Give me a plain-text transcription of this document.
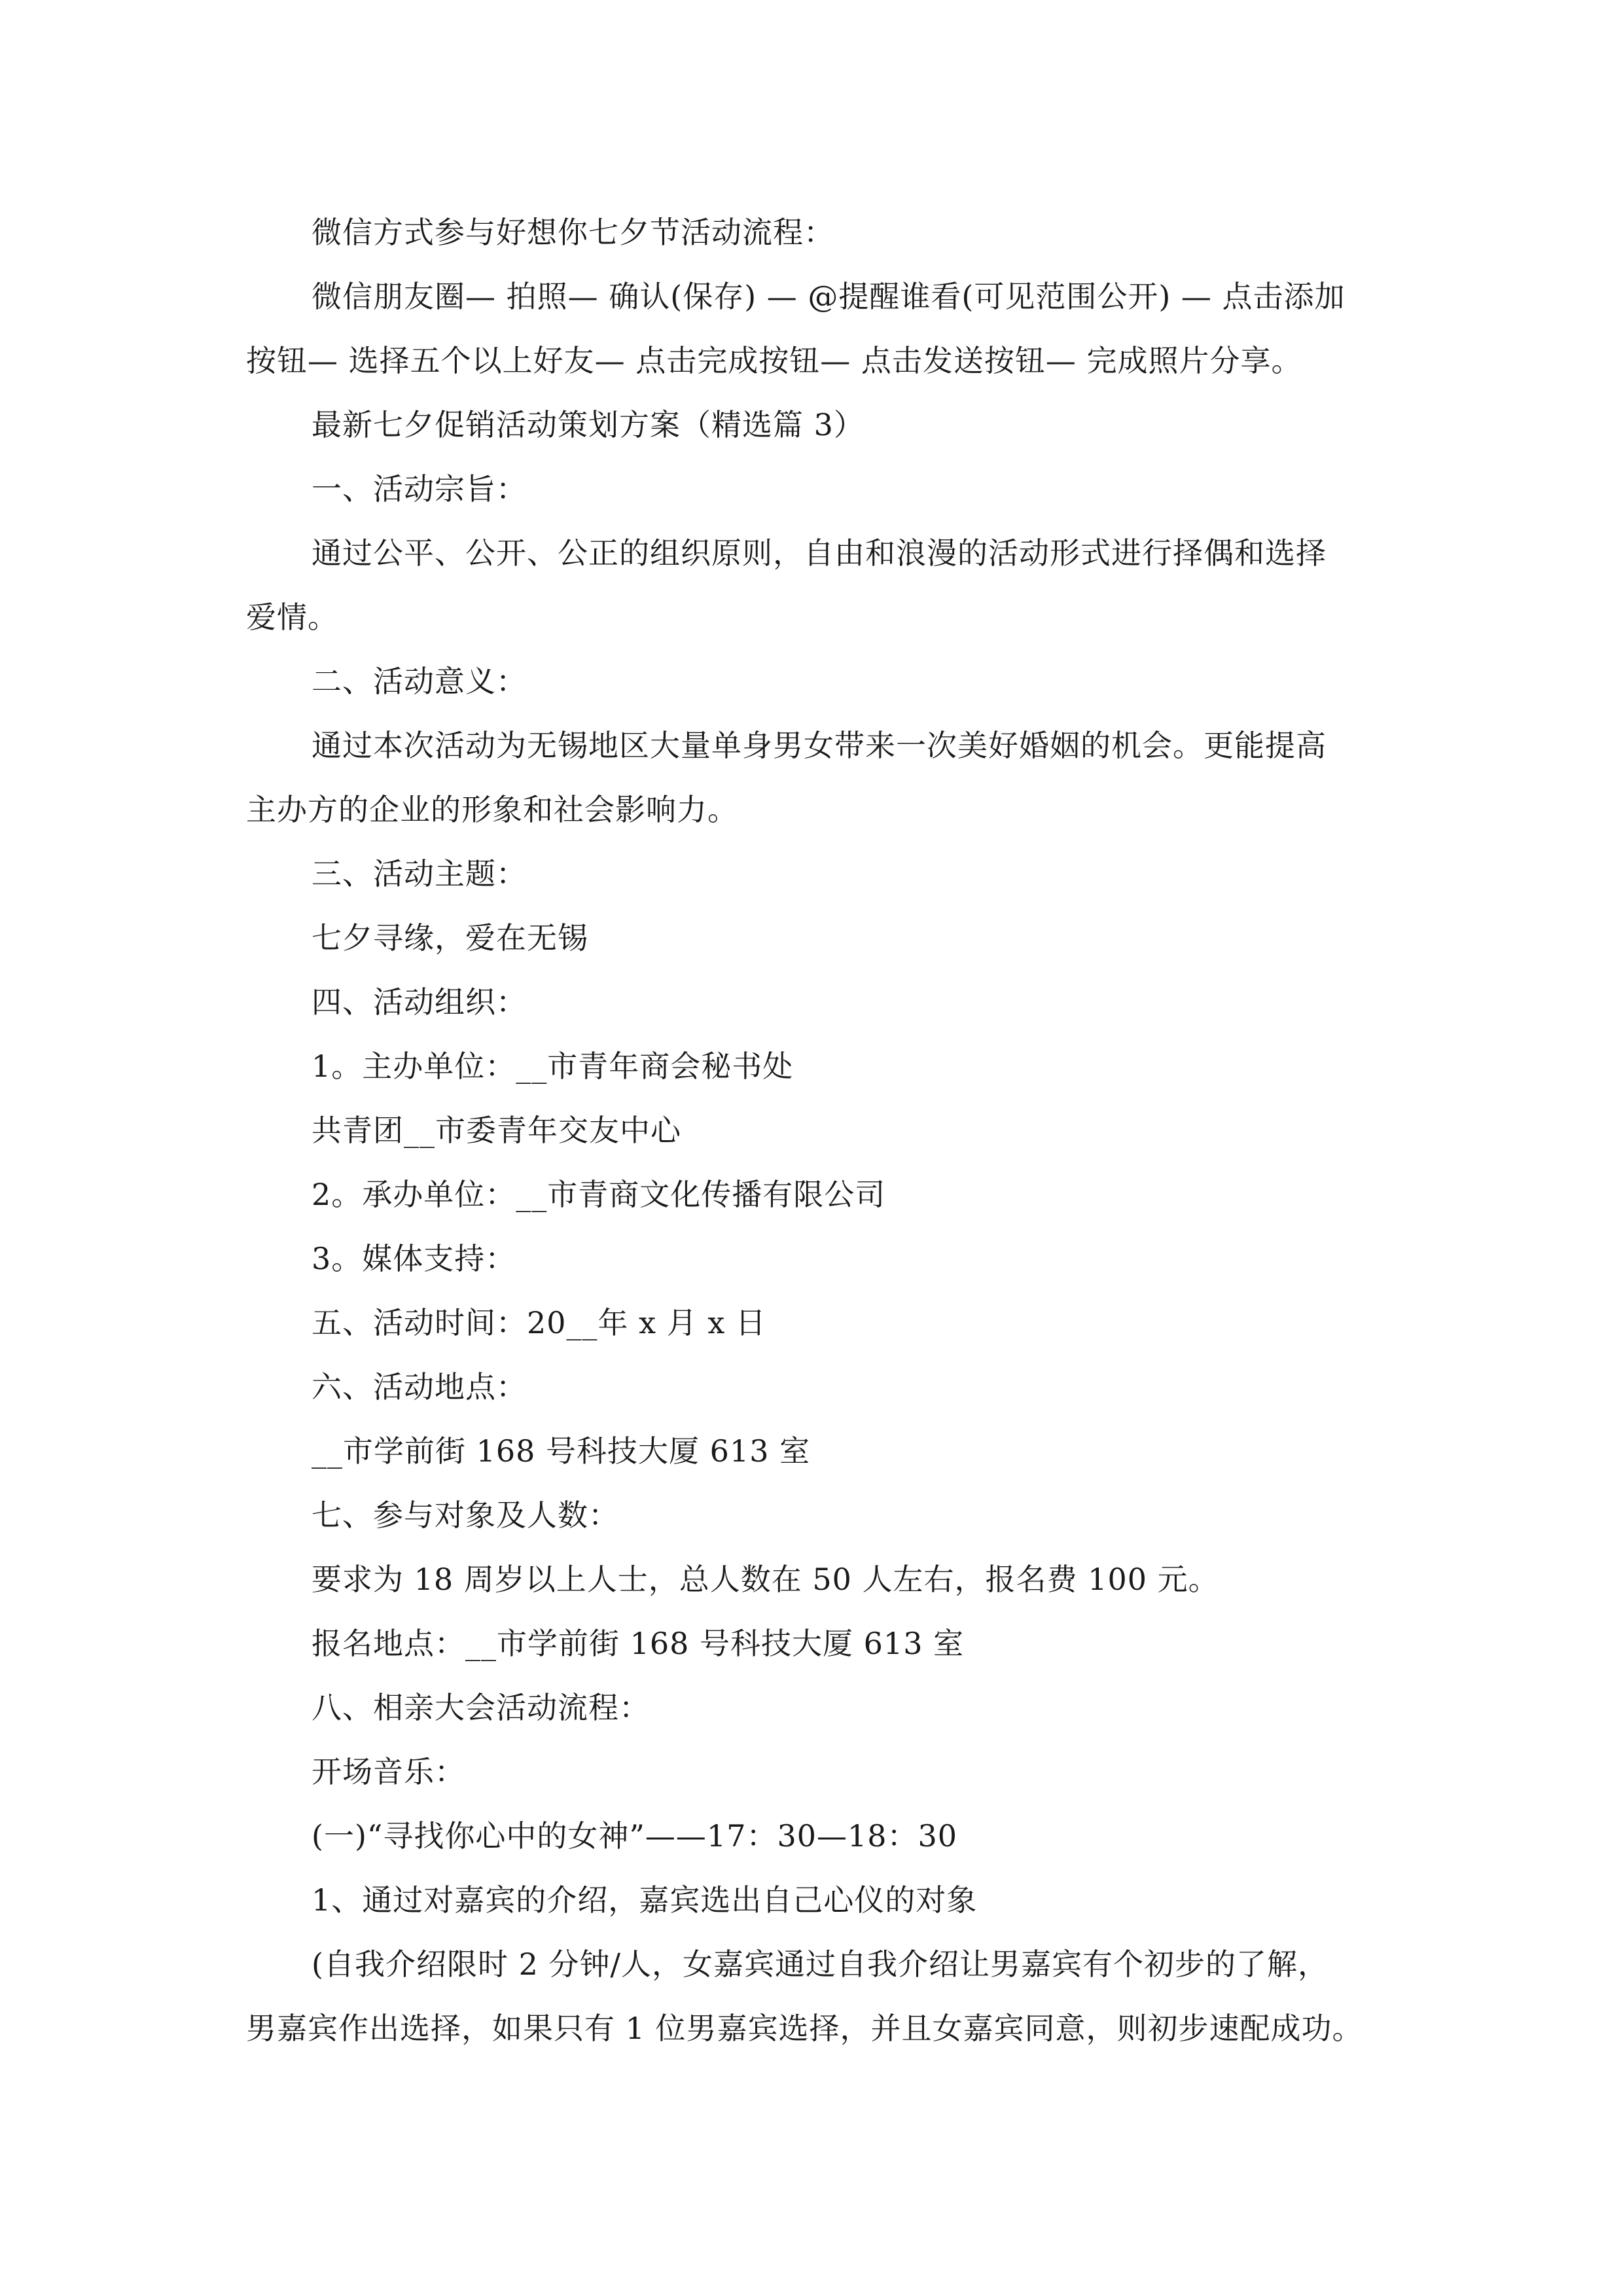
微信方式参与好想你七夕节活动流程：
微信朋友圈— 拍照— 确认(保存) — @提醒谁看(可见范围公开) — 点击添加
按钮— 选择五个以上好友— 点击完成按钮— 点击发送按钮— 完成照片分享。
最新七夕促销活动策划方案（精选篇 3）
一、活动宗旨：
通过公平、公开、公正的组织原则，自由和浪漫的活动形式进行择偶和选择
爱情。
二、活动意义：
通过本次活动为无锡地区大量单身男女带来一次美好婚姻的机会。更能提高
主办方的企业的形象和社会影响力。
三、活动主题：
七夕寻缘，爱在无锡
四、活动组织：
1。主办单位：__市青年商会秘书处
共青团__市委青年交友中心
2。承办单位：__市青商文化传播有限公司
3。媒体支持：
五、活动时间：20__年 x 月 x 日
六、活动地点：
__市学前街 168 号科技大厦 613 室
七、参与对象及人数：
要求为 18 周岁以上人士，总人数在 50 人左右，报名费 100 元。
报名地点：__市学前街 168 号科技大厦 613 室
八、相亲大会活动流程：
开场音乐：
(一)“寻找你心中的女神”——17：30—18：30
1、通过对嘉宾的介绍，嘉宾选出自己心仪的对象
(自我介绍限时 2 分钟/人，女嘉宾通过自我介绍让男嘉宾有个初步的了解，
男嘉宾作出选择，如果只有 1 位男嘉宾选择，并且女嘉宾同意，则初步速配成功。
